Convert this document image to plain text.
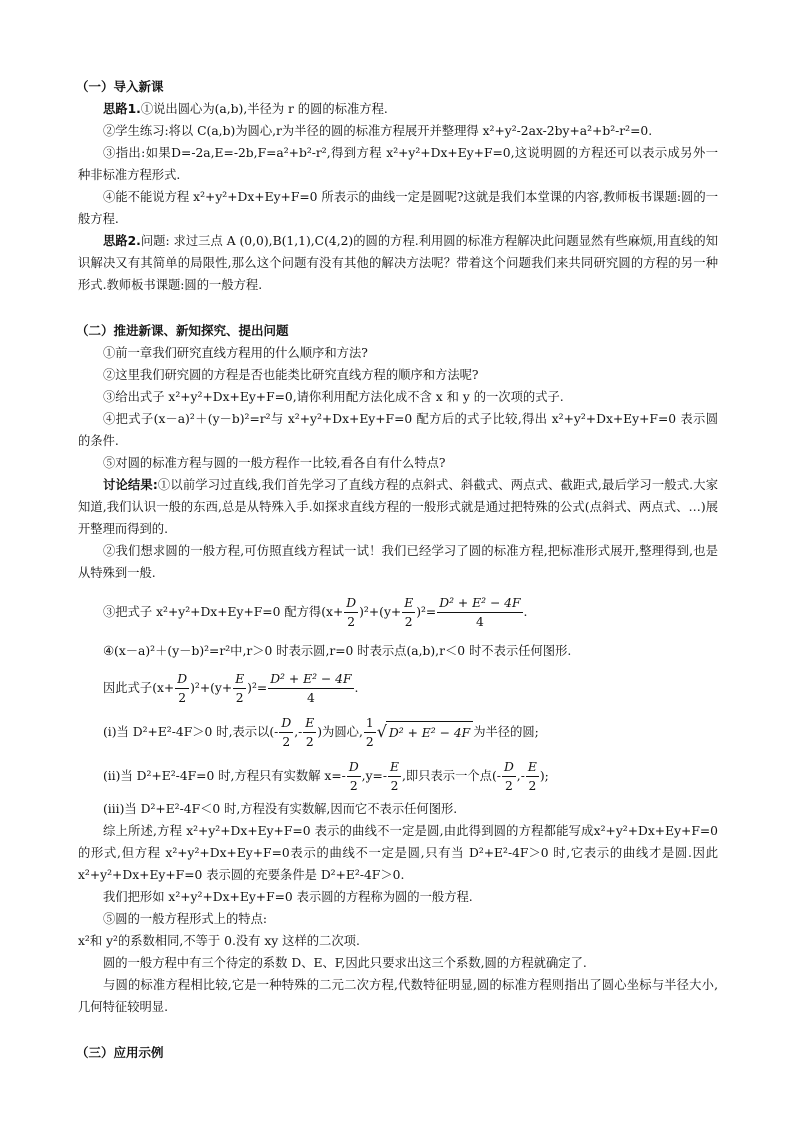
（一）导入新课
思路1.①说出圆心为(a,b),半径为 r 的圆的标准方程.
②学生练习:将以 C(a,b)为圆心,r为半径的圆的标准方程展开并整理得 x²+y²-2ax-2by+a²+b²-r²=0.
③指出:如果D=-2a,E=-2b,F=a²+b²-r²,得到方程 x²+y²+Dx+Ey+F=0,这说明圆的方程还可以表示成另外一种非标准方程形式.
④能不能说方程 x²+y²+Dx+Ey+F=0 所表示的曲线一定是圆呢?这就是我们本堂课的内容,教师板书课题:圆的一般方程.
思路2.问题: 求过三点 A (0,0),B(1,1),C(4,2)的圆的方程.利用圆的标准方程解决此问题显然有些麻烦,用直线的知识解决又有其简单的局限性,那么这个问题有没有其他的解决方法呢？带着这个问题我们来共同研究圆的方程的另一种形式.教师板书课题:圆的一般方程.
（二）推进新课、新知探究、提出问题
①前一章我们研究直线方程用的什么顺序和方法?
②这里我们研究圆的方程是否也能类比研究直线方程的顺序和方法呢?
③给出式子 x²+y²+Dx+Ey+F=0,请你利用配方法化成不含 x 和 y 的一次项的式子.
④把式子(x－a)²＋(y－b)²=r²与 x²+y²+Dx+Ey+F=0 配方后的式子比较,得出 x²+y²+Dx+Ey+F=0 表示圆的条件.
⑤对圆的标准方程与圆的一般方程作一比较,看各自有什么特点?
讨论结果:①以前学习过直线,我们首先学习了直线方程的点斜式、斜截式、两点式、截距式,最后学习一般式.大家知道,我们认识一般的东西,总是从特殊入手.如探求直线方程的一般形式就是通过把特殊的公式(点斜式、两点式、…)展开整理而得到的.
②我们想求圆的一般方程,可仿照直线方程试一试！我们已经学习了圆的标准方程,把标准形式展开,整理得到,也是从特殊到一般.
③把式子 x²+y²+Dx+Ey+F=0 配方得$(x+ \frac{D}{2} )^2+(y+ \frac{E}{2} )^2= \frac{\text{D² + E² − 4F}}{4}$ .
④(x－a)²＋(y－b)²=r²中,r＞0 时表示圆,r=0 时表示点(a,b),r＜0 时不表示任何图形.
因此式子$(x+ \frac{D}{2} )^2+(y+ \frac{E}{2} )^2= \frac{\text{D² + E² − 4F}}{4}$ .
(ⅰ)当 D²+E²-4F＞0 时,表示以(- $\frac{D}{2}$ ,- $\frac{E}{2}$ )为圆心, $\frac{1}{2}$ √ D² + E² − 4F 为半径的圆;
(ⅱ)当 D²+E²-4F=0 时,方程只有实数解 $x=- \frac{D}{2} ,y=- \frac{E}{2}$ ,即只表示一个点(- $\frac{D}{2}$ ,- $\frac{E}{2}$ );
(ⅲ)当 D²+E²-4F＜0 时,方程没有实数解,因而它不表示任何图形.
综上所述,方程 x²+y²+Dx+Ey+F=0 表示的曲线不一定是圆,由此得到圆的方程都能写成x²+y²+Dx+Ey+F=0的形式,但方程 x²+y²+Dx+Ey+F=0表示的曲线不一定是圆,只有当 D²+E²-4F＞0 时,它表示的曲线才是圆.因此 x²+y²+Dx+Ey+F=0 表示圆的充要条件是 D²+E²-4F＞0.
我们把形如 x²+y²+Dx+Ey+F=0 表示圆的方程称为圆的一般方程.
⑤圆的一般方程形式上的特点:
x²和 y²的系数相同,不等于 0.没有 xy 这样的二次项.
圆的一般方程中有三个待定的系数 D、E、F,因此只要求出这三个系数,圆的方程就确定了.
与圆的标准方程相比较,它是一种特殊的二元二次方程,代数特征明显,圆的标准方程则指出了圆心坐标与半径大小,几何特征较明显.
（三）应用示例
